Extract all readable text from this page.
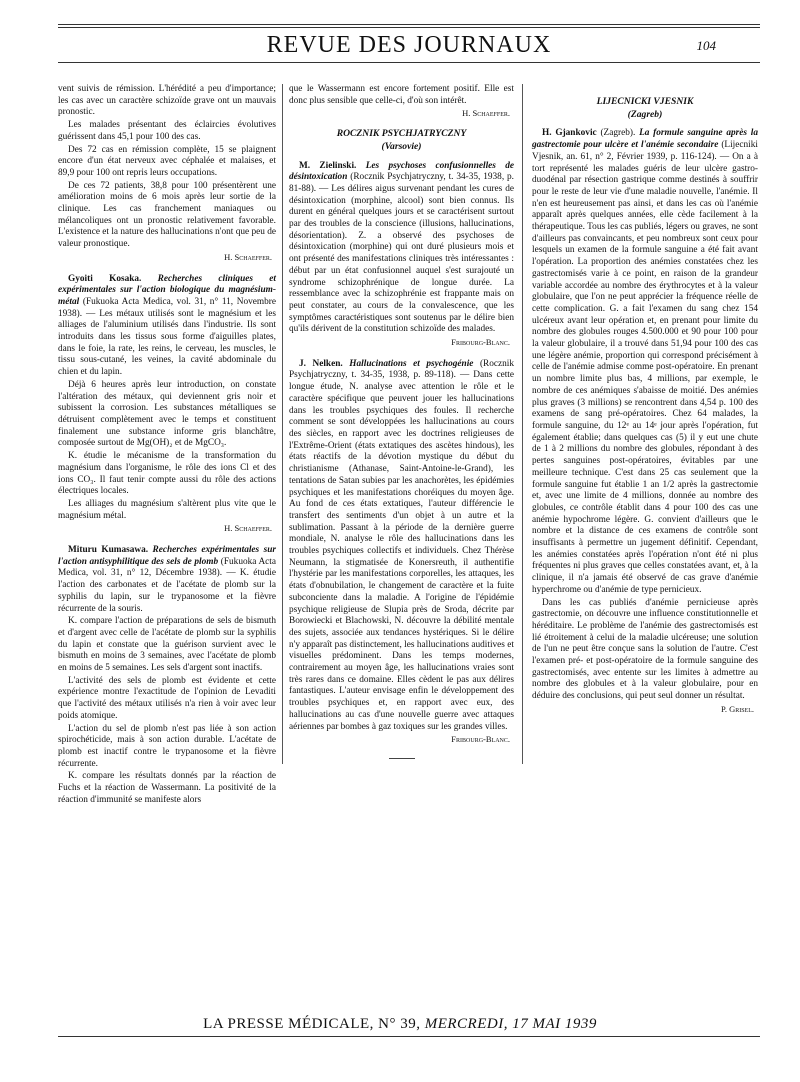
REVUE DES JOURNAUX	104

vent suivis de rémission. L'hérédité a peu d'importance; les cas avec un caractère schizoïde grave ont un mauvais pronostic.

Les malades présentant des éclaircies évolutives guérissent dans 45,1 pour 100 des cas.

Des 72 cas en rémission complète, 15 se plaignent encore d'un état nerveux avec céphalée et malaises, et 89,9 pour 100 ont repris leurs occupations.

De ces 72 patients, 38,8 pour 100 présentèrent une amélioration moins de 6 mois après leur sortie de la clinique. Les cas franchement maniaques ou mélancoliques ont un pronostic relativement favorable. L'existence et la nature des hallucinations n'ont que peu de valeur pronostique.

H. Schaeffer.

Gyoiti Kosaka. Recherches cliniques et expérimentales sur l'action biologique du magnésium-métal (Fukuoka Acta Medica, vol. 31, n° 11, Novembre 1938). — Les métaux utilisés sont le magnésium et les alliages de l'aluminium utilisés dans l'industrie. Ils sont introduits dans les tissus sous forme d'aiguilles plates, dans le foie, la rate, les reins, le cerveau, les muscles, le tissu sous-cutané, les veines, la cavité abdominale du chien et du lapin.

Déjà 6 heures après leur introduction, on constate l'altération des métaux, qui deviennent gris noir et subissent la corrosion. Les substances métalliques se détruisent complètement avec le temps et constituent finalement une substance informe gris blanchâtre, composée surtout de Mg(OH)₂ et de MgCO₃.

K. étudie le mécanisme de la transformation du magnésium dans l'organisme, le rôle des ions Cl et des ions CO₃. Il faut tenir compte aussi du rôle des actions électriques locales.

Les alliages du magnésium s'altèrent plus vite que le magnésium métal.

H. Schaeffer.

Mituru Kumasawa. Recherches expérimentales sur l'action antisyphilitique des sels de plomb (Fukuoka Acta Medica, vol. 31, n° 12, Décembre 1938). — K. étudie l'action des carbonates et de l'acétate de plomb sur la syphilis du lapin, sur le trypanosome et la fièvre récurrente de la souris.

K. compare l'action de préparations de sels de bismuth et d'argent avec celle de l'acétate de plomb sur la syphilis du lapin et constate que la guérison survient avec le bismuth en moins de 3 semaines, avec l'acétate de plomb en moins de 5 semaines. Les sels d'argent sont inactifs.

L'activité des sels de plomb est évidente et cette expérience montre l'exactitude de l'opinion de Levaditi que l'activité des métaux utilisés n'a rien à voir avec leur poids atomique.

L'action du sel de plomb n'est pas liée à son action spirochéticide, mais à son action durable. L'acétate de plomb est inactif contre le trypanosome et la fièvre récurrente.

K. compare les résultats donnés par la réaction de Fuchs et la réaction de Wassermann. La positivité de la réaction d'immunité se manifeste alors

que le Wassermann est encore fortement positif. Elle est donc plus sensible que celle-ci, d'où son intérêt.

H. Schaeffer.

ROCZNIK PSYCHJATRYCZNY
(Varsovie)

M. Zielinski. Les psychoses confusionnelles de désintoxication (Rocznik Psychjatryczny, t. 34-35, 1938, p. 81-88). — Les délires aigus survenant pendant les cures de désintoxication (morphine, alcool) sont bien connus. Ils durent en général quelques jours et se caractérisent surtout par des troubles de la conscience (illusions, hallucinations, désorientation). Z. a observé des psychoses de désintoxication (morphine) qui ont duré plusieurs mois et ont présenté des manifestations cliniques très intéressantes : début par un état confusionnel auquel s'est surajouté un syndrome schizophrénique de longue durée. La ressemblance avec la schizophrénie est frappante mais on peut constater, au cours de la convalescence, que les symptômes caractéristiques sont soutenus par le délire bien qu'ils dérivent de la constitution schizoïde des malades.

Fribourg-Blanc.

J. Nelken. Hallucinations et psychogénie (Rocznik Psychjatryczny, t. 34-35, 1938, p. 89-118). — Dans cette longue étude, N. analyse avec attention le rôle et le caractère spécifique que peuvent jouer les hallucinations dans les troubles psychiques des foules. Il recherche comment se sont développées les hallucinations au cours des siècles, en rapport avec les doctrines religieuses de l'Extrême-Orient (états extatiques des ascètes hindous), les états réactifs de la dévotion mystique du début du christianisme (Athanase, Saint-Antoine-le-Grand), les tentations de Satan subies par les anachorètes, les épidémies psychiques et les manifestations choréiques du moyen âge. Au fond de ces états extatiques, l'auteur différencie le transfert des sentiments d'un objet à un autre et la sublimation. Passant à la période de la dernière guerre mondiale, N. analyse le rôle des hallucinations dans les troubles psychiques collectifs et individuels. Chez Thérèse Neumann, la stigmatisée de Konersreuth, il authentifie l'hystérie par les manifestations corporelles, les attaques, les états d'obnubilation, le changement de caractère et la fuite subconciente dans la maladie. A l'origine de l'épidémie psychique religieuse de Slupia près de Sroda, décrite par Borowiecki et Blachowski, N. découvre la débilité mentale des sujets, associée aux tendances hystériques. Si le délire n'y apparaît pas distinctement, les hallucinations auditives et visuelles prédominent. Dans les temps modernes, contrairement au moyen âge, les hallucinations vraies sont très rares dans ce domaine. Elles cèdent le pas aux délires fantastiques. L'auteur envisage enfin le développement des troubles psychiques et, en rapport avec eux, des hallucinations au cas d'une nouvelle guerre avec attaques aériennes par bombes à gaz toxiques sur les grandes villes.

Fribourg-Blanc.

LIJECNICKI VJESNIK
(Zagreb)

H. Gjankovic (Zagreb). La formule sanguine après la gastrectomie pour ulcère et l'anémie secondaire (Lijecniki Vjesnik, an. 61, n° 2, Février 1939, p. 116-124). — On a à tort représenté les malades guéris de leur ulcère gastro-duodénal par résection gastrique comme destinés à souffrir pour le reste de leur vie d'une maladie nouvelle, l'anémie. Il n'en est heureusement pas ainsi, et dans les cas où l'anémie apparaît après quelques années, elle cède facilement à la thérapeutique. Tous les cas publiés, légers ou graves, ne sont d'ailleurs pas convaincants, et peu nombreux sont ceux pour lesquels un examen de la formule sanguine a été fait avant l'opération. La proportion des anémies constatées chez les gastrectomisés varie à ce point, en raison de la grandeur variable accordée au nombre des érythrocytes et à la valeur globulaire, que l'on ne peut apprécier la fréquence réelle de cette complication. G. a fait l'examen du sang chez 154 ulcéreux avant leur opération et, en prenant pour limite du nombre des globules rouges 4.500.000 et 90 pour 100 pour la valeur globulaire, il a trouvé dans 51,94 pour 100 des cas une légère anémie, proportion qui correspond précisément à celle de l'anémie admise comme post-opératoire. En prenant un nombre limite plus bas, 4 millions, par exemple, le nombre de ces anémiques s'abaisse de moitié. Des anémies plus graves (3 millions) se rencontrent dans 4,54 p. 100 des examens de sang pré-opératoires. Chez 64 malades, la formule sanguine, du 12ᵉ au 14ᵉ jour après l'opération, fut également établie; dans quelques cas (5) il y eut une chute de 1 à 2 millions du nombre des globules, répondant à des pertes sanguines post-opératoires, évitables par une meilleure technique. C'est dans 25 cas seulement que la formule sanguine fut établie 1 an 1/2 après la gastrectomie et, avec une limite de 4 millions, donnée au nombre des globules, ce contrôle établit dans 4 pour 100 des cas une anémie hypochrome légère. G. convient d'ailleurs que le nombre et la distance de ces examens de contrôle sont insuffisants à permettre un jugement définitif. Cependant, les anémies constatées après l'opération n'ont été ni plus fréquentes ni plus graves que celles constatées avant, et, à la clinique, il n'a jamais été observé de cas grave d'anémie hyperchrome ou d'anémie de type pernicieux.

Dans les cas publiés d'anémie pernicieuse après gastrectomie, on découvre une influence constitutionnelle et héréditaire. Le problème de l'anémie des gastrectomisés est lié étroitement à celui de la maladie ulcéreuse; une solution de l'un ne peut être conçue sans la solution de l'autre. C'est l'examen pré- et post-opératoire de la formule sanguine des gastrectomisés, avec entente sur les limites à admettre au nombre des globules et à la valeur globulaire, pour en déduire des conclusions, qui peut seul donner un résultat.

P. Grisel.

LA PRESSE MÉDICALE, N° 39, MERCREDI, 17 MAI 1939
